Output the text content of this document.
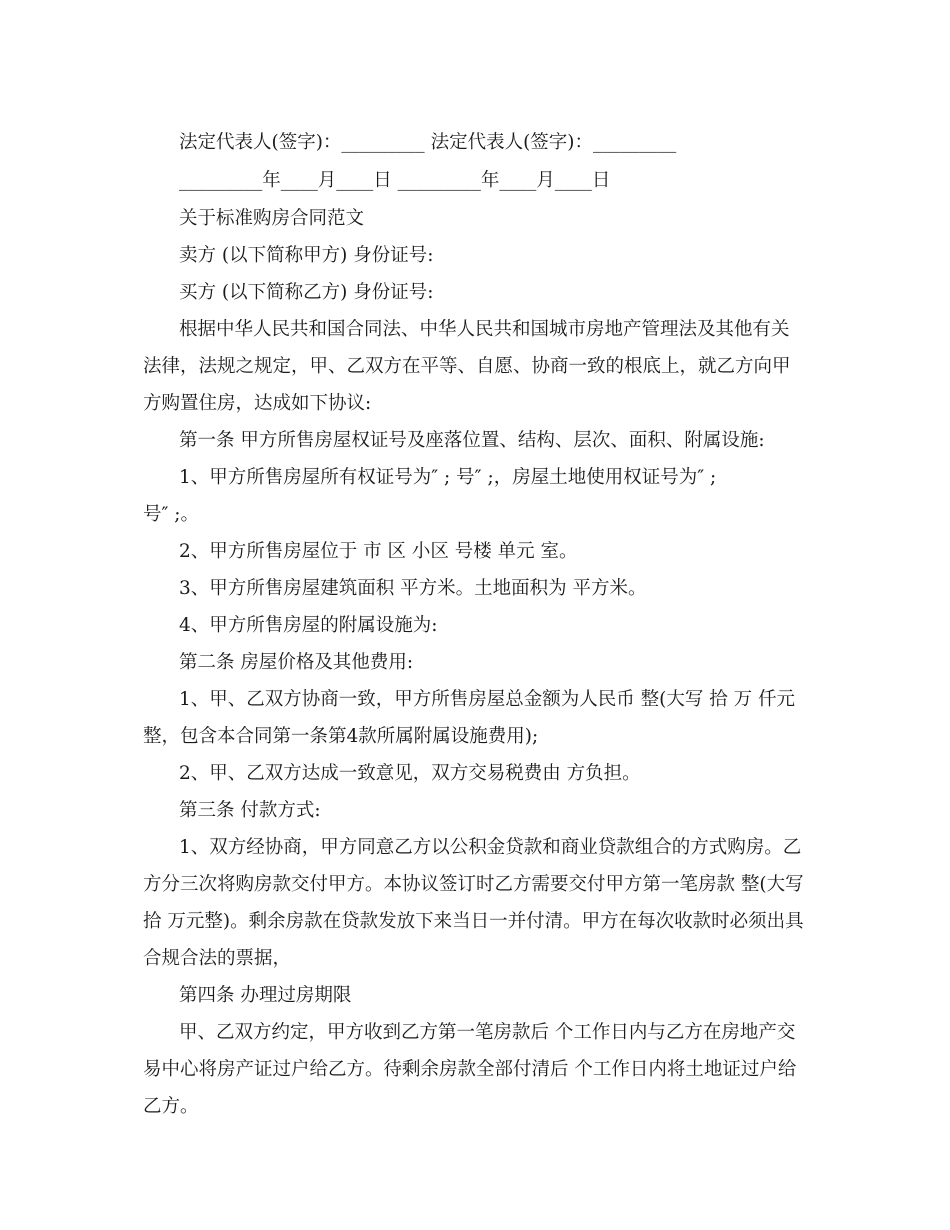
法定代表人(签字)：_________ 法定代表人(签字)：_________
_________年____月____日 _________年____月____日
关于标准购房合同范文
卖方 (以下简称甲方) 身份证号:
买方 (以下简称乙方) 身份证号:
根据中华人民共和国合同法、中华人民共和国城市房地产管理法及其他有关
法律，法规之规定，甲、乙双方在平等、自愿、协商一致的根底上，就乙方向甲
方购置住房，达成如下协议:
第一条 甲方所售房屋权证号及座落位置、结构、层次、面积、附属设施:
1、甲方所售房屋所有权证号为″ ; 号″ ;，房屋土地使用权证号为″ ;
号″ ;。
2、甲方所售房屋位于 市 区 小区 号楼 单元 室。
3、甲方所售房屋建筑面积 平方米。土地面积为 平方米。
4、甲方所售房屋的附属设施为:
第二条 房屋价格及其他费用:
1、甲、乙双方协商一致，甲方所售房屋总金额为人民币 整(大写 拾 万 仟元
整，包含本合同第一条第4款所属附属设施费用);
2、甲、乙双方达成一致意见，双方交易税费由 方负担。
第三条 付款方式:
1、双方经协商，甲方同意乙方以公积金贷款和商业贷款组合的方式购房。乙
方分三次将购房款交付甲方。本协议签订时乙方需要交付甲方第一笔房款 整(大写
拾 万元整)。剩余房款在贷款发放下来当日一并付清。甲方在每次收款时必须出具
合规合法的票据，
第四条 办理过房期限
甲、乙双方约定，甲方收到乙方第一笔房款后 个工作日内与乙方在房地产交
易中心将房产证过户给乙方。待剩余房款全部付清后 个工作日内将土地证过户给
乙方。
